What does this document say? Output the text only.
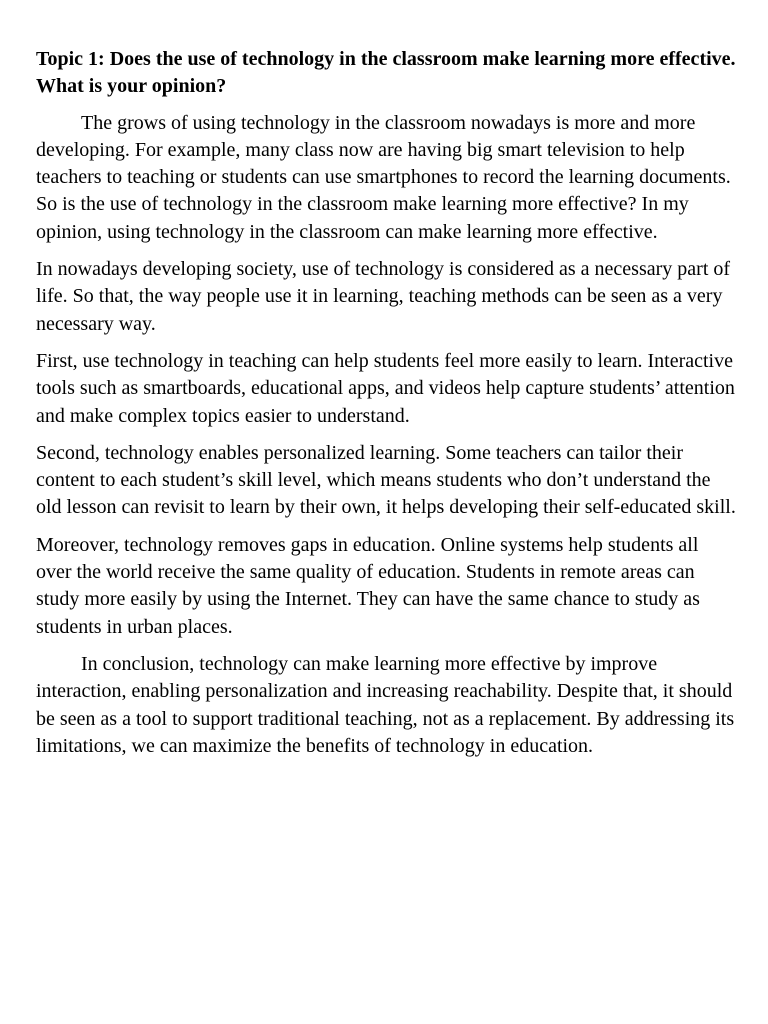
Topic 1: Does the use of technology in the classroom make learning more effective. What is your opinion?

The grows of using technology in the classroom nowadays is more and more developing. For example, many class now are having big smart television to help teachers to teaching or students can use smartphones to record the learning documents. So is the use of technology in the classroom make learning more effective? In my opinion, using technology in the classroom can make learning more effective.

In nowadays developing society, use of technology is considered as a necessary part of life. So that, the way people use it in learning, teaching methods can be seen as a very necessary way.

First, use technology in teaching can help students feel more easily to learn. Interactive tools such as smartboards, educational apps, and videos help capture students’ attention and make complex topics easier to understand.

Second, technology enables personalized learning. Some teachers can tailor their content to each student’s skill level, which means students who don’t understand the old lesson can revisit to learn by their own, it helps developing their self-educated skill.

Moreover, technology removes gaps in education. Online systems help students all over the world receive the same quality of education. Students in remote areas can study more easily by using the Internet. They can have the same chance to study as students in urban places.

In conclusion, technology can make learning more effective by improve interaction, enabling personalization and increasing reachability. Despite that, it should be seen as a tool to support traditional teaching, not as a replacement. By addressing its limitations, we can maximize the benefits of technology in education.
